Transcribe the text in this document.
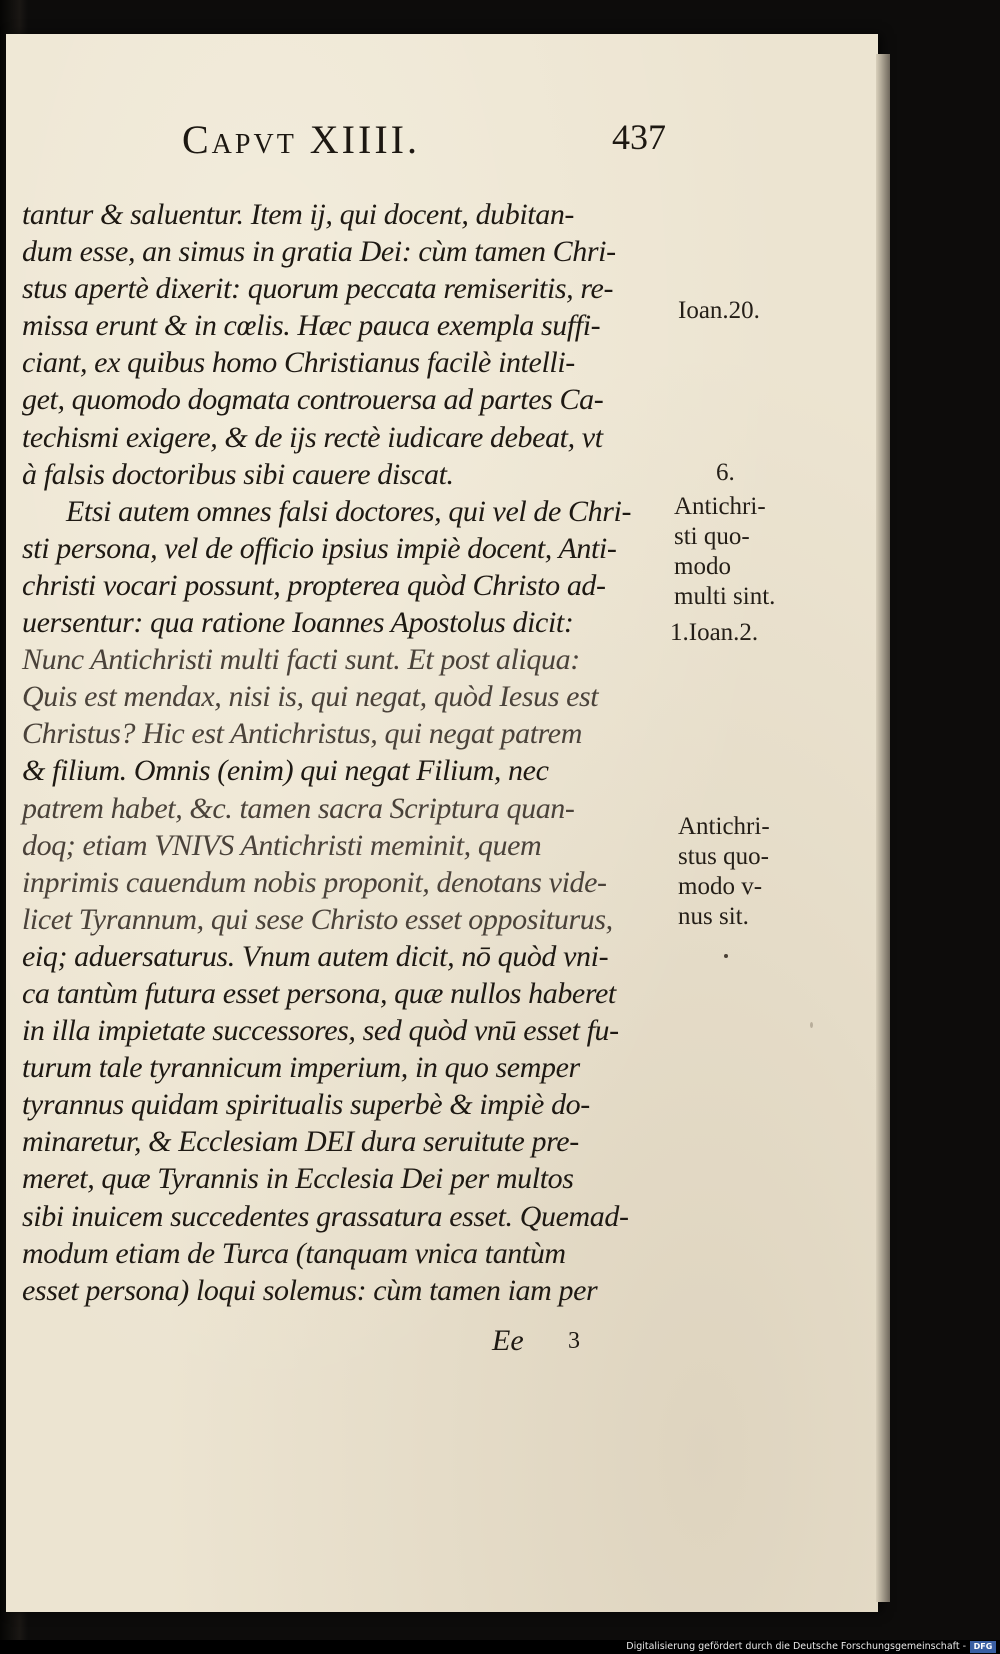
Capvt XIIII.	437
tantur & saluentur. Item ij, qui docent, dubitan-
dum esse, an simus in gratia Dei: cùm tamen Chri-
stus apertè dixerit: quorum peccata remiseritis, re-
missa erunt & in cœlis. Hæc pauca exempla suffi-
ciant, ex quibus homo Christianus facilè intelli-
get, quomodo dogmata controuersa ad partes Ca-
techismi exigere, & de ijs rectè iudicare debeat, vt
à falsis doctoribus sibi cauere discat.
Etsi autem omnes falsi doctores, qui vel de Chri-
sti persona, vel de officio ipsius impiè docent, Anti-
christi vocari possunt, propterea quòd Christo ad-
uersentur: qua ratione Ioannes Apostolus dicit:
Nunc Antichristi multi facti sunt. Et post aliqua:
Quis est mendax, nisi is, qui negat, quòd Iesus est
Christus? Hic est Antichristus, qui negat patrem
& filium. Omnis (enim) qui negat Filium, nec
patrem habet, &c. tamen sacra Scriptura quan-
doq; etiam VNIVS Antichristi meminit, quem
inprimis cauendum nobis proponit, denotans vide-
licet Tyrannum, qui sese Christo esset oppositurus,
eiq; aduersaturus. Vnum autem dicit, nō quòd vni-
ca tantùm futura esset persona, quæ nullos haberet
in illa impietate successores, sed quòd vnū esset fu-
turum tale tyrannicum imperium, in quo semper
tyrannus quidam spiritualis superbè & impiè do-
minaretur, & Ecclesiam DEI dura seruitute pre-
meret, quæ Tyrannis in Ecclesia Dei per multos
sibi inuicem succedentes grassatura esset. Quemad-
modum etiam de Turca (tanquam vnica tantùm
esset persona) loqui solemus: cùm tamen iam per
Ioan.20.
6.
Antichri-
sti quo-
modo
multi sint.
1.Ioan.2.
Antichri-
stus quo-
modo v-
nus sit.
Ee 3
Digitalisierung gefördert durch die Deutsche Forschungsgemeinschaft - DFG
